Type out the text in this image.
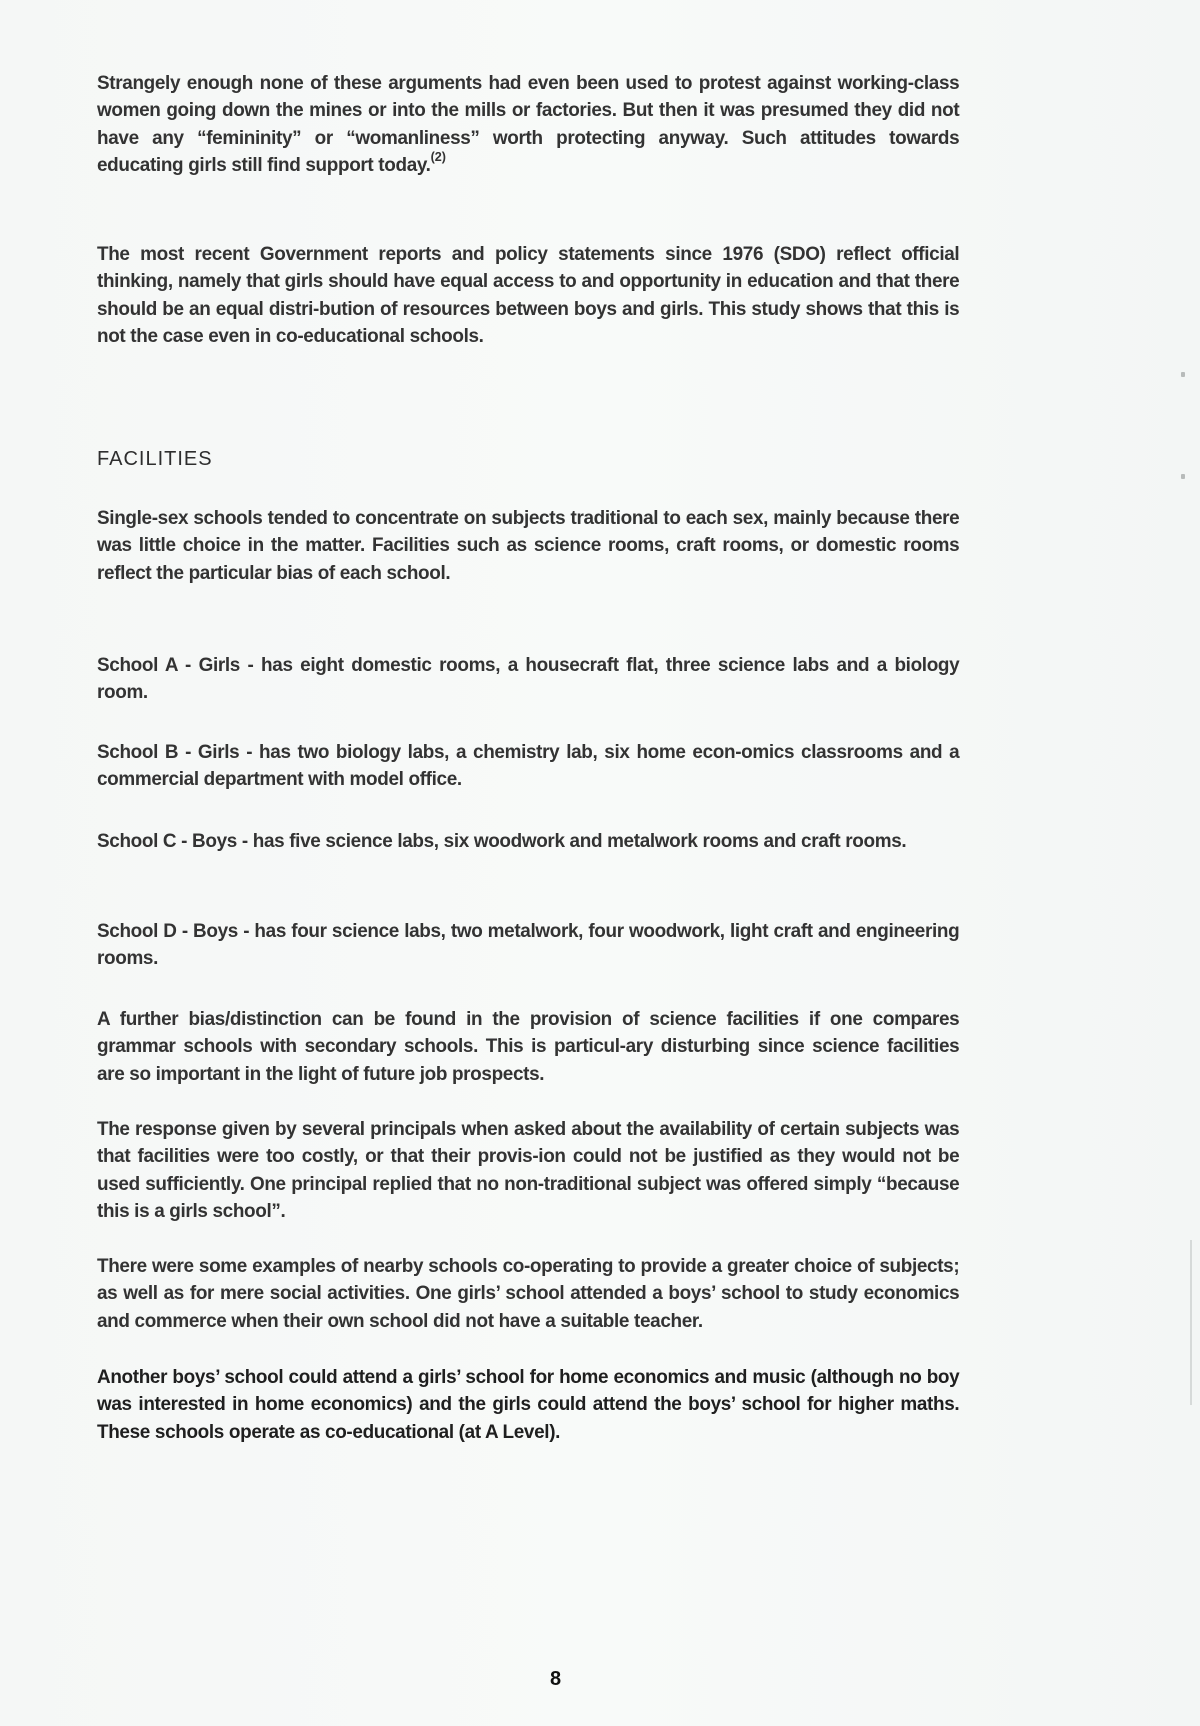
Strangely enough none of these arguments had even been used to protest against working-class women going down the mines or into the mills or factories. But then it was presumed they did not have any “femininity” or “womanliness” worth protecting anyway. Such attitudes towards educating girls still find support today.$^{(2)}$

The most recent Government reports and policy statements since 1976 (SDO) reflect official thinking, namely that girls should have equal access to and opportunity in education and that there should be an equal distri-bution of resources between boys and girls. This study shows that this is not the case even in co-educational schools.

FACILITIES

Single-sex schools tended to concentrate on subjects traditional to each sex, mainly because there was little choice in the matter. Facilities such as science rooms, craft rooms, or domestic rooms reflect the particular bias of each school.

School A - Girls - has eight domestic rooms, a housecraft flat, three science labs and a biology room.

School B - Girls - has two biology labs, a chemistry lab, six home econ-omics classrooms and a commercial department with model office.

School C - Boys - has five science labs, six woodwork and metalwork rooms and craft rooms.

School D - Boys - has four science labs, two metalwork, four woodwork, light craft and engineering rooms.

A further bias/distinction can be found in the provision of science facilities if one compares grammar schools with secondary schools. This is particul-ary disturbing since science facilities are so important in the light of future job prospects.

The response given by several principals when asked about the availability of certain subjects was that facilities were too costly, or that their provis-ion could not be justified as they would not be used sufficiently. One principal replied that no non-traditional subject was offered simply “because this is a girls school”.

There were some examples of nearby schools co-operating to provide a greater choice of subjects; as well as for mere social activities. One girls’ school attended a boys’ school to study economics and commerce when their own school did not have a suitable teacher.

Another boys’ school could attend a girls’ school for home economics and music (although no boy was interested in home economics) and the girls could attend the boys’ school for higher maths. These schools operate as co-educational (at A Level).

8
